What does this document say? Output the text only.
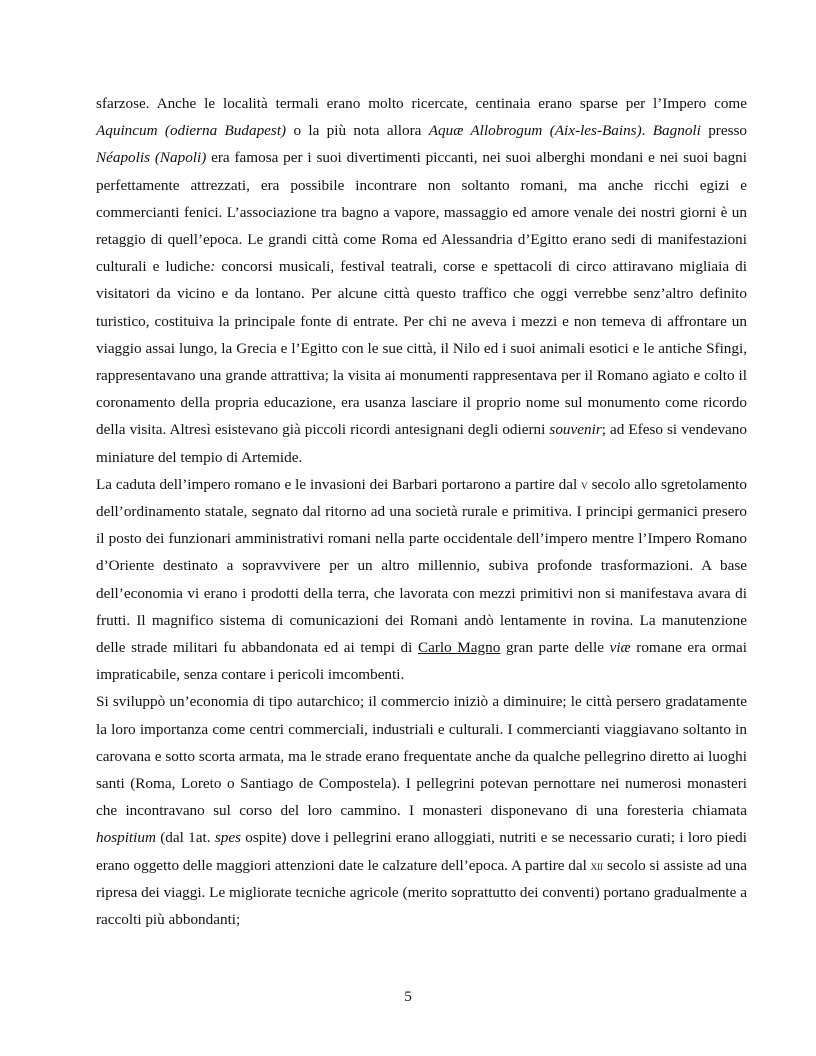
sfarzose. Anche le località termali erano molto ricercate, centinaia erano sparse per l’Impero come Aquincum (odierna Budapest) o la più nota allora Aquæ Allobrogum (Aix-les-Bains). Bagnoli presso Néapolis (Napoli) era famosa per i suoi divertimenti piccanti, nei suoi alberghi mondani e nei suoi bagni perfettamente attrezzati, era possibile incontrare non soltanto romani, ma anche ricchi egizi e commercianti fenici. L’associazione tra bagno a vapore, massaggio ed amore venale dei nostri giorni è un retaggio di quell’epoca. Le grandi città come Roma ed Alessandria d’Egitto erano sedi di manifestazioni culturali e ludiche: concorsi musicali, festival teatrali, corse e spettacoli di circo attiravano migliaia di visitatori da vicino e da lontano. Per alcune città questo traffico che oggi verrebbe senz’altro definito turistico, costituiva la principale fonte di entrate. Per chi ne aveva i mezzi e non temeva di affrontare un viaggio assai lungo, la Grecia e l’Egitto con le sue città, il Nilo ed i suoi animali esotici e le antiche Sfingi, rappresentavano una grande attrattiva; la visita ai monumenti rappresentava per il Romano agiato e colto il coronamento della propria educazione, era usanza lasciare il proprio nome sul monumento come ricordo della visita. Altresì esistevano già piccoli ricordi antesignani degli odierni souvenir; ad Efeso si vendevano miniature del tempio di Artemide.

La caduta dell’impero romano e le invasioni dei Barbari portarono a partire dal v secolo allo sgretolamento dell’ordinamento statale, segnato dal ritorno ad una società rurale e primitiva. I principi germanici presero il posto dei funzionari amministrativi romani nella parte occidentale dell’impero mentre l’Impero Romano d’Oriente destinato a sopravvivere per un altro millennio, subiva profonde trasformazioni. A base dell’economia vi erano i prodotti della terra, che lavorata con mezzi primitivi non si manifestava avara di frutti. Il magnifico sistema di comunicazioni dei Romani andò lentamente in rovina. La manutenzione delle strade militari fu abbandonata ed ai tempi di Carlo Magno gran parte delle viæ romane era ormai impraticabile, senza contare i pericoli imcombenti.

Si sviluppò un’economia di tipo autarchico; il commercio iniziò a diminuire; le città persero gradatamente la loro importanza come centri commerciali, industriali e culturali. I commercianti viaggiavano soltanto in carovana e sotto scorta armata, ma le strade erano frequentate anche da qualche pellegrino diretto ai luoghi santi (Roma, Loreto o Santiago de Compostela). I pellegrini potevan pernottare nei numerosi monasteri che incontravano sul corso del loro cammino. I monasteri disponevano di una foresteria chiamata hospitium (dal 1at. spes ospite) dove i pellegrini erano alloggiati, nutriti e se necessario curati; i loro piedi erano oggetto delle maggiori attenzioni date le calzature dell’epoca. A partire dal xii secolo si assiste ad una ripresa dei viaggi. Le migliorate tecniche agricole (merito soprattutto dei conventi) portano gradualmente a raccolti più abbondanti;

5
